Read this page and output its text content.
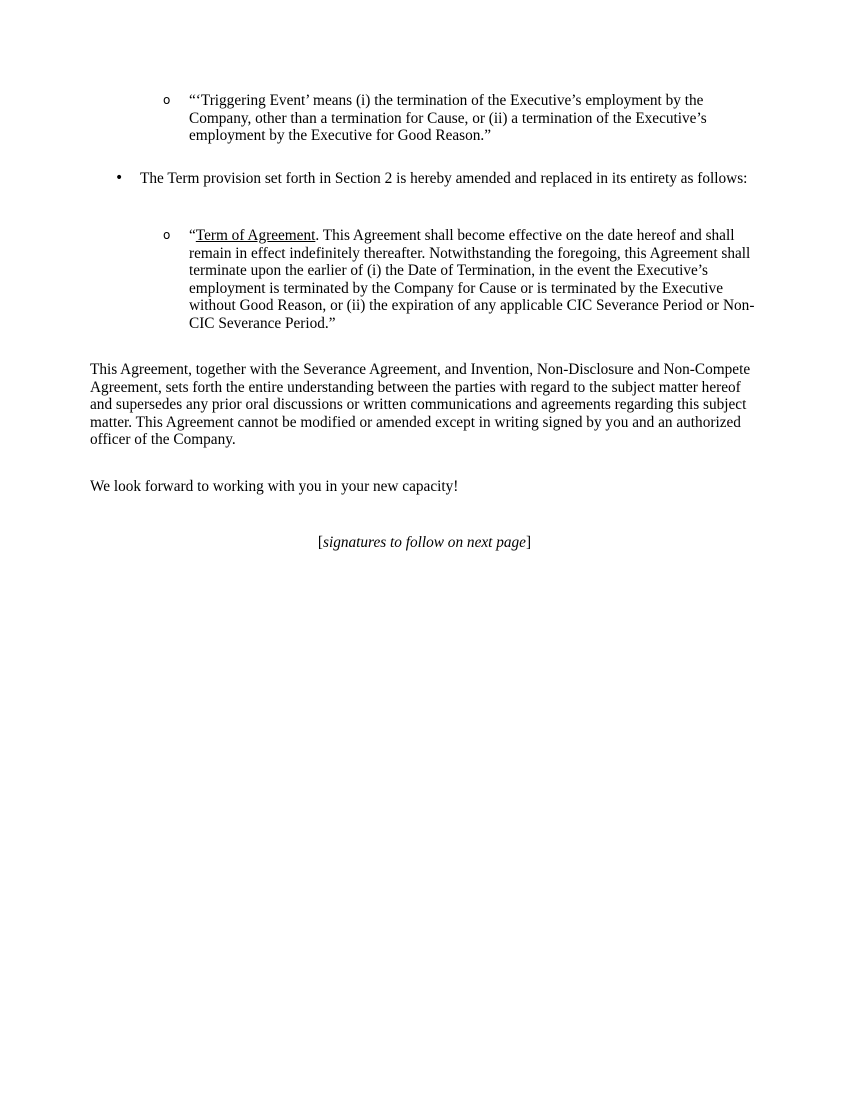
o “‘Triggering Event’ means (i) the termination of the Executive’s employment by the Company, other than a termination for Cause, or (ii) a termination of the Executive’s employment by the Executive for Good Reason.”
• The Term provision set forth in Section 2 is hereby amended and replaced in its entirety as follows:
o “Term of Agreement. This Agreement shall become effective on the date hereof and shall remain in effect indefinitely thereafter. Notwithstanding the foregoing, this Agreement shall terminate upon the earlier of (i) the Date of Termination, in the event the Executive’s employment is terminated by the Company for Cause or is terminated by the Executive without Good Reason, or (ii) the expiration of any applicable CIC Severance Period or Non-CIC Severance Period.”
This Agreement, together with the Severance Agreement, and Invention, Non-Disclosure and Non-Compete Agreement, sets forth the entire understanding between the parties with regard to the subject matter hereof and supersedes any prior oral discussions or written communications and agreements regarding this subject matter. This Agreement cannot be modified or amended except in writing signed by you and an authorized officer of the Company.
We look forward to working with you in your new capacity!
[signatures to follow on next page]
